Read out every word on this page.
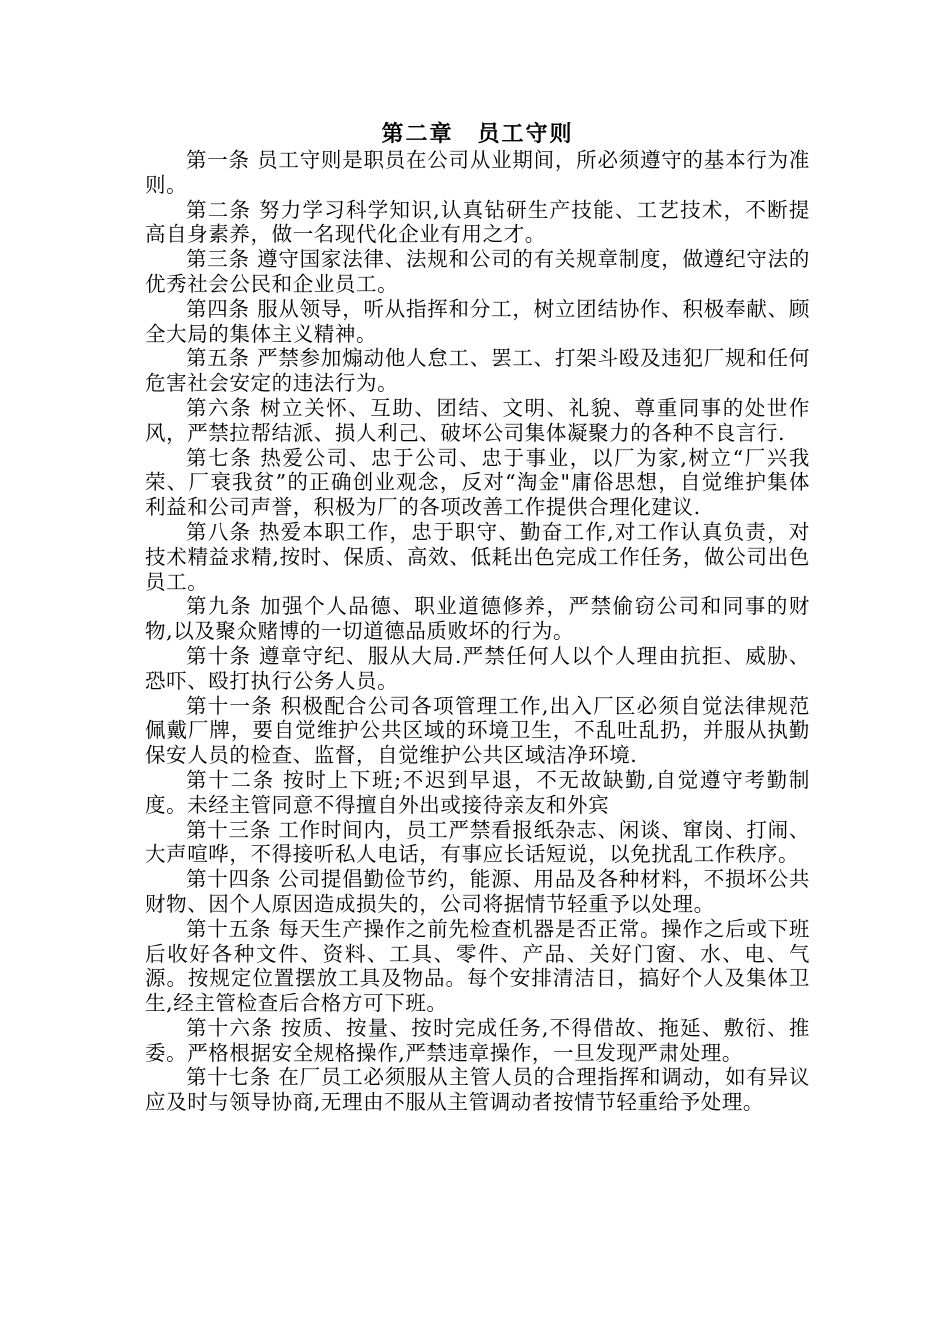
第二章　员工守则

第一条 员工守则是职员在公司从业期间，所必须遵守的基本行为准则。

第二条 努力学习科学知识,认真钻研生产技能、工艺技术，不断提高自身素养，做一名现代化企业有用之才。

第三条 遵守国家法律、法规和公司的有关规章制度，做遵纪守法的优秀社会公民和企业员工。

第四条 服从领导，听从指挥和分工，树立团结协作、积极奉献、顾全大局的集体主义精神。

第五条 严禁参加煽动他人怠工、罢工、打架斗殴及违犯厂规和任何危害社会安定的违法行为。

第六条 树立关怀、互助、团结、文明、礼貌、尊重同事的处世作风，严禁拉帮结派、损人利己、破坏公司集体凝聚力的各种不良言行.

第七条 热爱公司、忠于公司、忠于事业，以厂为家,树立“厂兴我荣、厂衰我贫”的正确创业观念，反对“淘金"庸俗思想，自觉维护集体利益和公司声誉，积极为厂的各项改善工作提供合理化建议.

第八条 热爱本职工作，忠于职守、勤奋工作,对工作认真负责，对技术精益求精,按时、保质、高效、低耗出色完成工作任务，做公司出色员工。

第九条 加强个人品德、职业道德修养，严禁偷窃公司和同事的财物,以及聚众赌博的一切道德品质败坏的行为。

第十条 遵章守纪、服从大局.严禁任何人以个人理由抗拒、威胁、恐吓、殴打执行公务人员。

第十一条 积极配合公司各项管理工作,出入厂区必须自觉法律规范佩戴厂牌，要自觉维护公共区域的环境卫生，不乱吐乱扔，并服从执勤保安人员的检查、监督，自觉维护公共区域洁净环境.

第十二条 按时上下班;不迟到早退，不无故缺勤,自觉遵守考勤制度。未经主管同意不得擅自外出或接待亲友和外宾

第十三条 工作时间内，员工严禁看报纸杂志、闲谈、窜岗、打闹、大声喧哗，不得接听私人电话，有事应长话短说，以免扰乱工作秩序。

第十四条 公司提倡勤俭节约，能源、用品及各种材料，不损坏公共财物、因个人原因造成损失的，公司将据情节轻重予以处理。

第十五条 每天生产操作之前先检查机器是否正常。操作之后或下班后收好各种文件、资料、工具、零件、产品、关好门窗、水、电、气源。按规定位置摆放工具及物品。每个安排清洁日，搞好个人及集体卫生,经主管检查后合格方可下班。

第十六条 按质、按量、按时完成任务,不得借故、拖延、敷衍、推委。严格根据安全规格操作,严禁违章操作，一旦发现严肃处理。

第十七条 在厂员工必须服从主管人员的合理指挥和调动，如有异议应及时与领导协商,无理由不服从主管调动者按情节轻重给予处理。
